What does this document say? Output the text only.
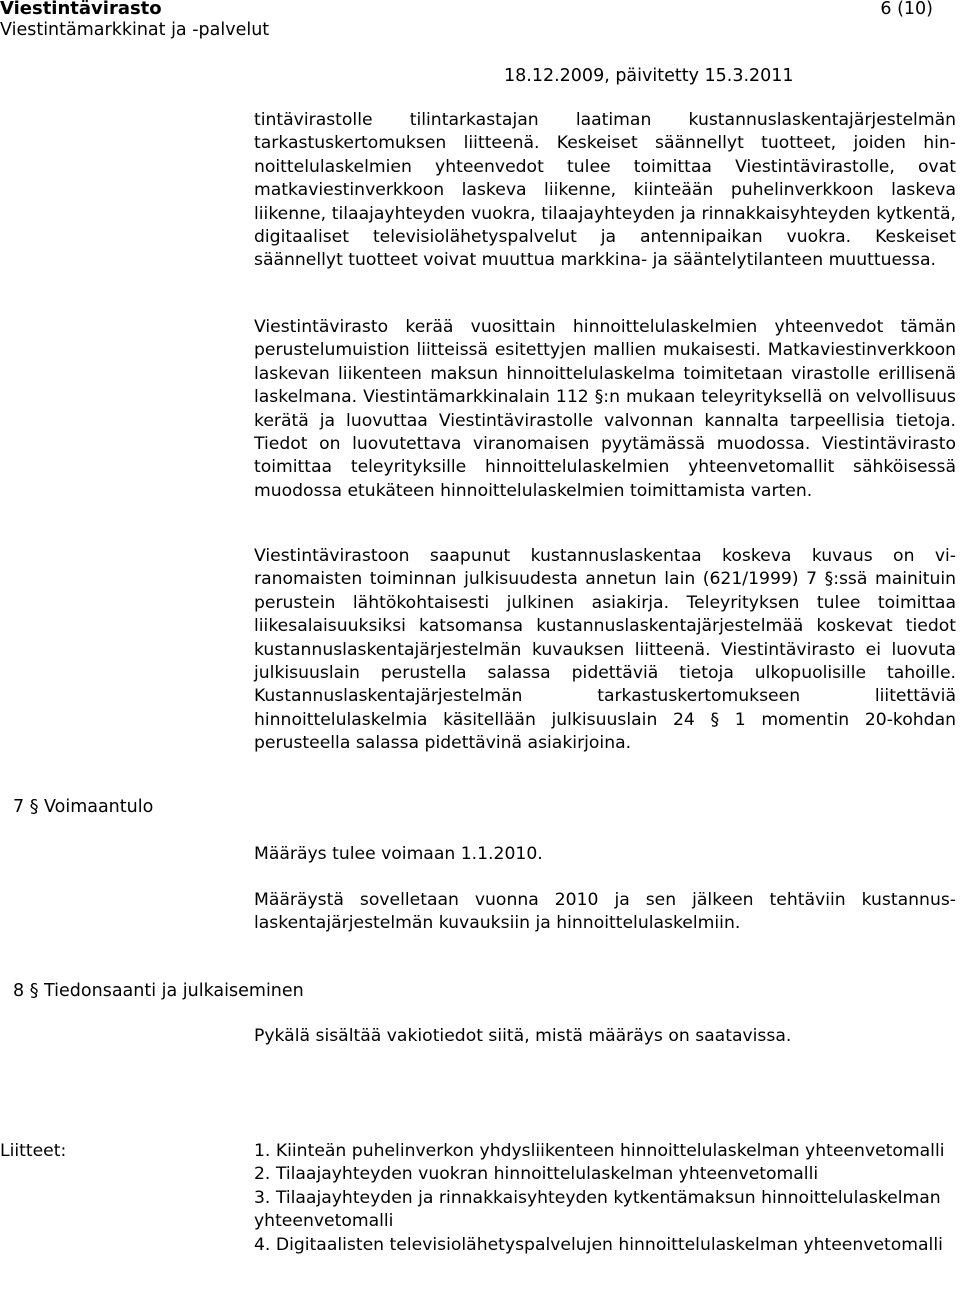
Viestintävirasto
Viestintämarkkinat ja -palvelut
6 (10)
18.12.2009, päivitetty 15.3.2011

tintävirastolle tilintarkastajan laatiman kustannuslaskentajärjestelmän tarkastuskertomuksen liitteenä. Keskeiset säännellyt tuotteet, joiden hinnoittelulaskelmien yhteenvedot tulee toimittaa Viestintävirastolle, ovat matkaviestinverkkoon laskeva liikenne, kiinteään puhelinverkkoon laskeva liikenne, tilaajayhteyden vuokra, tilaajayhteyden ja rinnakkaisyhteyden kytkentä, digitaaliset televisiolähetyspalvelut ja antennipaikan vuokra. Keskeiset säännellyt tuotteet voivat muuttua markkina- ja sääntelytilanteen muuttuessa.

Viestintävirasto kerää vuosittain hinnoittelulaskelmien yhteenvedot tämän perustelumuistion liitteissä esitettyjen mallien mukaisesti. Matkaviestinverkkoon laskevan liikenteen maksun hinnoittelulaskelma toimitetaan virastolle erillisenä laskelmana. Viestintämarkkinalain 112 §:n mukaan teleyrityksellä on velvollisuus kerätä ja luovuttaa Viestintävirastolle valvonnan kannalta tarpeellisia tietoja. Tiedot on luovutettava viranomaisen pyytämässä muodossa. Viestintävirasto toimittaa teleyrityksille hinnoittelulaskelmien yhteenvetomallit sähköisessä muodossa etukäteen hinnoittelulaskelmien toimittamista varten.

Viestintävirastoon saapunut kustannuslaskentaa koskeva kuvaus on viranomaisten toiminnan julkisuudesta annetun lain (621/1999) 7 §:ssä mainituin perustein lähtökohtaisesti julkinen asiakirja. Teleyrityksen tulee toimittaa liikesalaisuuksiksi katsomansa kustannuslaskentajärjestelmää koskevat tiedot kustannuslaskentajärjestelmän kuvauksen liitteenä. Viestintävirasto ei luovuta julkisuuslain perustella salassa pidettäviä tietoja ulkopuolisille tahoille. Kustannuslaskentajärjestelmän tarkastuskertomukseen liitettäviä hinnoittelulaskelmia käsitellään julkisuuslain 24 § 1 momentin 20-kohdan perusteella salassa pidettävinä asiakirjoina.

7 § Voimaantulo

Määräys tulee voimaan 1.1.2010.

Määräystä sovelletaan vuonna 2010 ja sen jälkeen tehtäviin kustannuslaskentajärjestelmän kuvauksiin ja hinnoittelulaskelmiin.

8 § Tiedonsaanti ja julkaiseminen

Pykälä sisältää vakiotiedot siitä, mistä määräys on saatavissa.

Liitteet:	1. Kiinteän puhelinverkon yhdysliikenteen hinnoittelulaskelman yhteenvetomalli
2. Tilaajayhteyden vuokran hinnoittelulaskelman yhteenvetomalli
3. Tilaajayhteyden ja rinnakkaisyhteyden kytkentämaksun hinnoittelulaskelman yhteenvetomalli
4. Digitaalisten televisiolähetyspalvelujen hinnoittelulaskelman yhteenvetomalli
